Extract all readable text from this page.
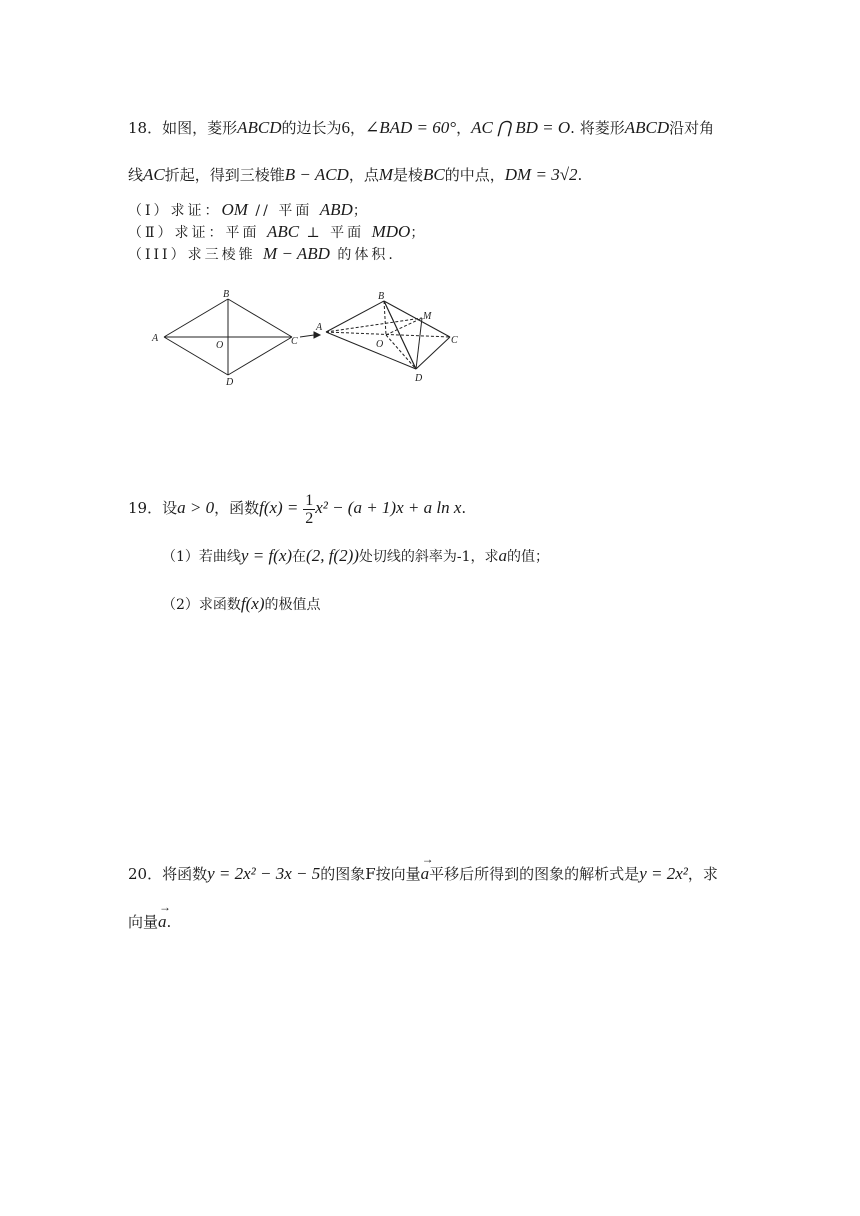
18．如图，菱形ABCD的边长为6，∠BAD = 60°，AC ⋂ BD = O. 将菱形ABCD沿对角
线AC折起，得到三棱锥B − ACD，点M是棱BC的中点，DM = 3√2.
（Ⅰ）求证：OM // 平面 ABD；
（Ⅱ）求证：平面 ABC ⊥ 平面 MDO；
（III）求三棱锥 M − ABD 的体积.
A
B
C
D
O
A
B
C
D
O
M
19．设a > 0，函数$f(x) = \frac{1}{2} x^2 - (a + 1)x + a$ ln x.
（1）若曲线y = f(x)在(2, f(2))处切线的斜率为-1，求a的值；
（2）求函数f(x)的极值点
20．将函数y = 2x² − 3x − 5的图象F按向量
→
a平移后所得到的图象的解析式是y = 2x²，求
向量
→
a.
